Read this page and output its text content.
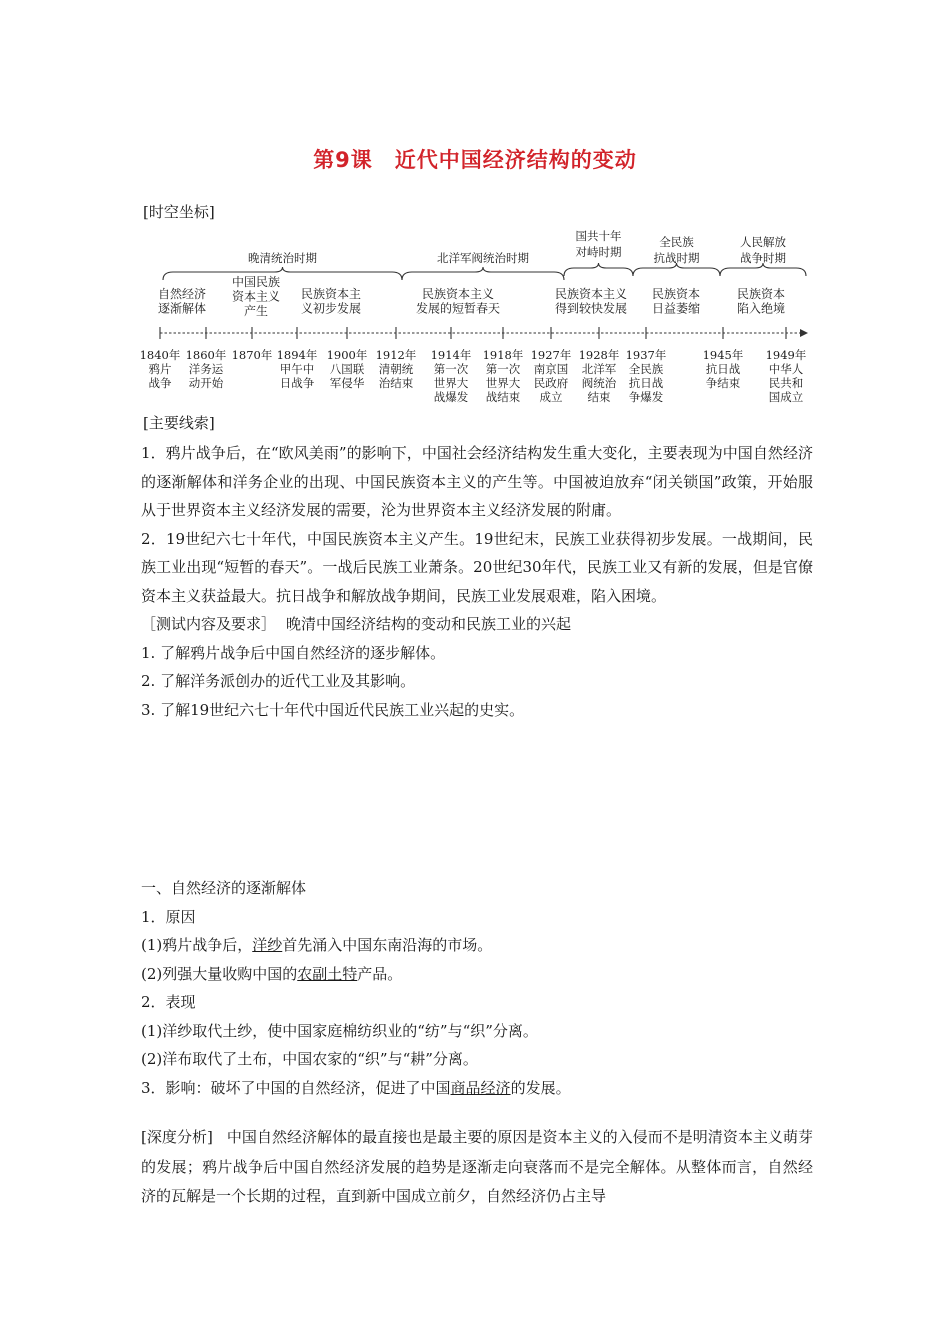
第9课　近代中国经济结构的变动
[时空坐标]
晚清统治时期	北洋军阀统治时期
国共十年对峙时期
全民族抗战时期
人民解放战争时期
自然经济逐渐解体
中国民族资本主义产生
民族资本主义初步发展
民族资本主义发展的短暂春天
民族资本主义得到较快发展
民族资本日益萎缩
民族资本陷入绝境
1840年
鸦片战争
1860年
洋务运动开始
1870年 1894年
甲午中日战争
1900年
八国联军侵华
1912年
清朝统治结束
1914年
第一次世界大战爆发
1918年
第一次世界大战结束
1927年
南京国民政府成立
1928年
北洋军阀统治结束
1937年
全民族抗日战争爆发
1945年
抗日战争结束
1949年
中华人民共和国成立
[主要线索]

1．鸦片战争后，在“欧风美雨”的影响下，中国社会经济结构发生重大变化，主要表现为中国自然经济的逐渐解体和洋务企业的出现、中国民族资本主义的产生等。中国被迫放弃“闭关锁国”政策，开始服从于世界资本主义经济发展的需要，沦为世界资本主义经济发展的附庸。

2．19世纪六七十年代，中国民族资本主义产生。19世纪末，民族工业获得初步发展。一战期间，民族工业出现“短暂的春天”。一战后民族工业萧条。20世纪30年代，民族工业又有新的发展，但是官僚资本主义获益最大。抗日战争和解放战争期间，民族工业发展艰难，陷入困境。

［测试内容及要求］ 晚清中国经济结构的变动和民族工业的兴起

1. 了解鸦片战争后中国自然经济的逐步解体。

2. 了解洋务派创办的近代工业及其影响。

3. 了解19世纪六七十年代中国近代民族工业兴起的史实。

一、自然经济的逐渐解体

1．原因

(1)鸦片战争后，洋纱首先涌入中国东南沿海的市场。

(2)列强大量收购中国的农副土特产品。

2．表现

(1)洋纱取代土纱，使中国家庭棉纺织业的“纺”与“织”分离。

(2)洋布取代了土布，中国农家的“织”与“耕”分离。

3．影响：破坏了中国的自然经济，促进了中国商品经济的发展。

[深度分析] 中国自然经济解体的最直接也是最主要的原因是资本主义的入侵而不是明清资本主义萌芽的发展；鸦片战争后中国自然经济发展的趋势是逐渐走向衰落而不是完全解体。从整体而言，自然经济的瓦解是一个长期的过程，直到新中国成立前夕，自然经济仍占主导
